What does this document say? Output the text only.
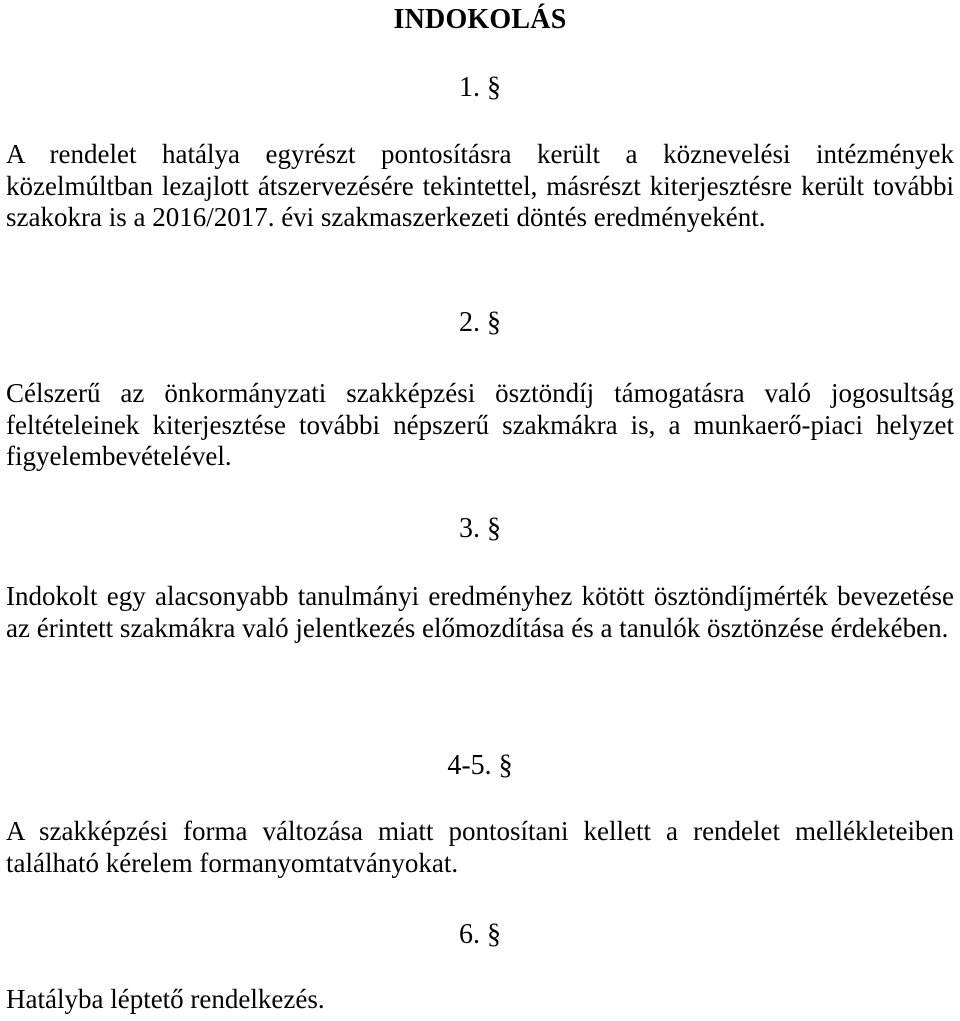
INDOKOLÁS
1. §
A rendelet hatálya egyrészt pontosításra került a köznevelési intézmények közelmúltban lezajlott átszervezésére tekintettel, másrészt kiterjesztésre került további szakokra is a 2016/2017. évi szakmaszerkezeti döntés eredményeként.
2. §
Célszerű az önkormányzati szakképzési ösztöndíj támogatásra való jogosultság feltételeinek kiterjesztése további népszerű szakmákra is, a munkaerő-piaci helyzet figyelembevételével.
3. §
Indokolt egy alacsonyabb tanulmányi eredményhez kötött ösztöndíjmérték bevezetése az érintett szakmákra való jelentkezés előmozdítása és a tanulók ösztönzése érdekében.
4-5. §
A szakképzési forma változása miatt pontosítani kellett a rendelet mellékleteiben található kérelem formanyomtatványokat.
6. §
Hatályba léptető rendelkezés.
